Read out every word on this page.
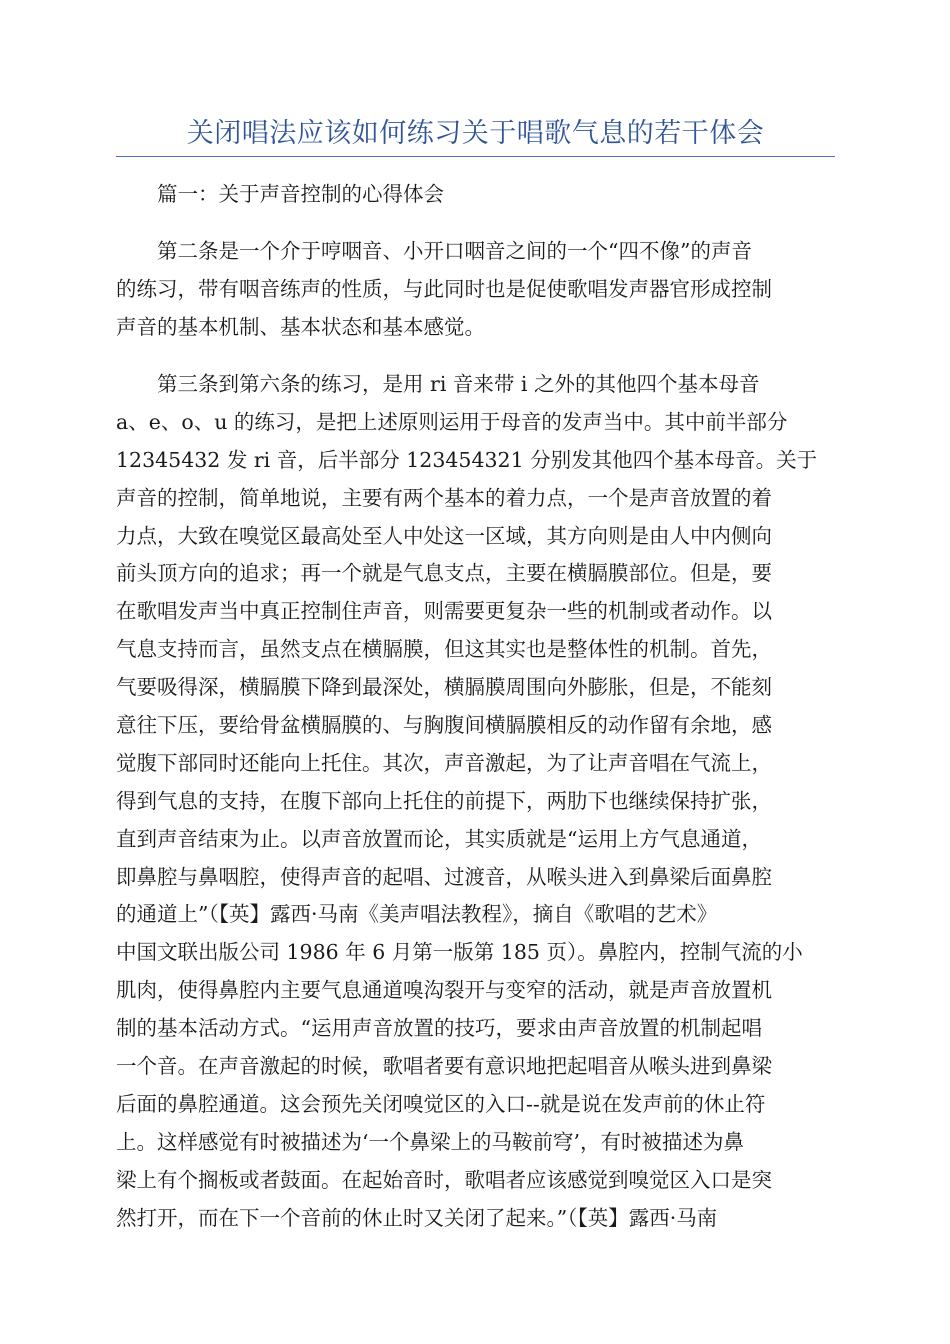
关闭唱法应该如何练习关于唱歌气息的若干体会

篇一：关于声音控制的心得体会

第二条是一个介于哼咽音、小开口咽音之间的一个“四不像”的声音
的练习，带有咽音练声的性质，与此同时也是促使歌唱发声器官形成控制
声音的基本机制、基本状态和基本感觉。
第三条到第六条的练习，是用 ri 音来带 i 之外的其他四个基本母音
a、e、o、u 的练习，是把上述原则运用于母音的发声当中。其中前半部分
12345432 发 ri 音，后半部分 123454321 分别发其他四个基本母音。关于
声音的控制，简单地说，主要有两个基本的着力点，一个是声音放置的着
力点，大致在嗅觉区最高处至人中处这一区域，其方向则是由人中内侧向
前头顶方向的追求；再一个就是气息支点，主要在横膈膜部位。但是，要
在歌唱发声当中真正控制住声音，则需要更复杂一些的机制或者动作。以
气息支持而言，虽然支点在横膈膜，但这其实也是整体性的机制。首先，
气要吸得深，横膈膜下降到最深处，横膈膜周围向外膨胀，但是，不能刻
意往下压，要给骨盆横膈膜的、与胸腹间横膈膜相反的动作留有余地，感
觉腹下部同时还能向上托住。其次，声音激起，为了让声音唱在气流上，
得到气息的支持，在腹下部向上托住的前提下，两肋下也继续保持扩张，
直到声音结束为止。以声音放置而论，其实质就是“运用上方气息通道，
即鼻腔与鼻咽腔，使得声音的起唱、过渡音，从喉头进入到鼻梁后面鼻腔
的通道上”（【英】露西·马南《美声唱法教程》，摘自《歌唱的艺术》
中国文联出版公司 1986 年 6 月第一版第 185 页）。鼻腔内，控制气流的小
肌肉，使得鼻腔内主要气息通道嗅沟裂开与变窄的活动，就是声音放置机
制的基本活动方式。“运用声音放置的技巧，要求由声音放置的机制起唱
一个音。在声音激起的时候，歌唱者要有意识地把起唱音从喉头进到鼻梁
后面的鼻腔通道。这会预先关闭嗅觉区的入口--就是说在发声前的休止符
上。这样感觉有时被描述为‘一个鼻梁上的马鞍前穹’，有时被描述为鼻
梁上有个搁板或者鼓面。在起始音时，歌唱者应该感觉到嗅觉区入口是突
然打开，而在下一个音前的休止时又关闭了起来。”（【英】露西·马南
